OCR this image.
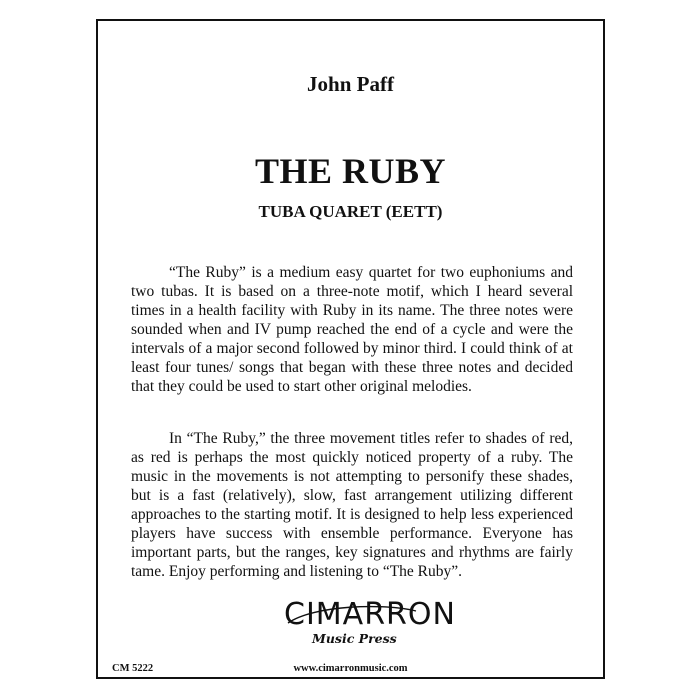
John Paff
THE RUBY
TUBA QUARET (EETT)

“The Ruby” is a medium easy quartet for two euphoniums and two tubas. It is based on a three-note motif, which I heard several times in a health facility with Ruby in its name. The three notes were sounded when and IV pump reached the end of a cycle and were the intervals of a major second followed by minor third. I could think of at least four tunes/ songs that began with these three notes and decided that they could be used to start other original melodies.

In “The Ruby,” the three movement titles refer to shades of red, as red is perhaps the most quickly noticed property of a ruby. The music in the movements is not attempting to personify these shades, but is a fast (relatively), slow, fast arrangement utilizing different approaches to the starting motif. It is designed to help less experienced players have success with ensemble performance. Everyone has important parts, but the ranges, key signatures and rhythms are fairly tame. Enjoy performing and listening to “The Ruby”.

CIMARRON
Music Press
www.cimarronmusic.com
CM 5222
